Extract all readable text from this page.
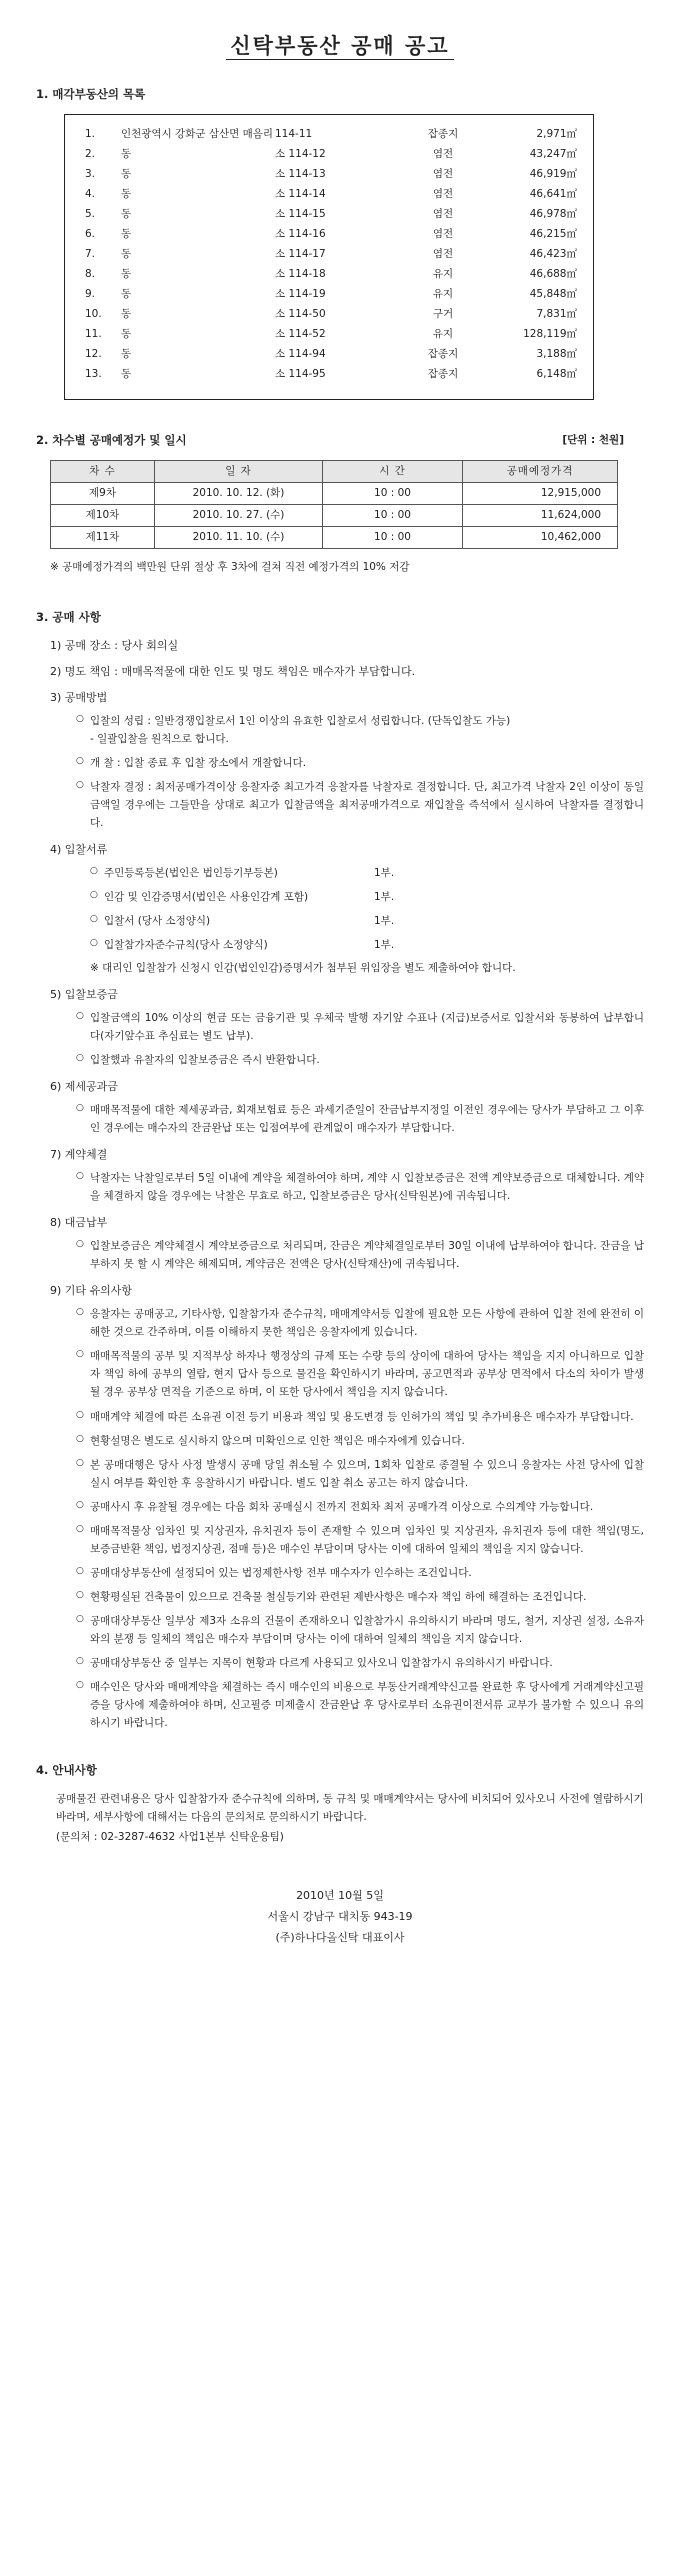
신탁부동산 공매 공고
1. 매각부동산의 목록
1.	인천광역시 강화군 삼산면 매음리 114-11	잡종지	2,971㎡
2.	동	소 114-12	염전	43,247㎡
3.	동	소 114-13	염전	46,919㎡
4.	동	소 114-14	염전	46,641㎡
5.	동	소 114-15	염전	46,978㎡
6.	동	소 114-16	염전	46,215㎡
7.	동	소 114-17	염전	46,423㎡
8.	동	소 114-18	유지	46,688㎡
9.	동	소 114-19	유지	45,848㎡
10.	동	소 114-50	구거	7,831㎡
11.	동	소 114-52	유지	128,119㎡
12.	동	소 114-94	잡종지	3,188㎡
13.	동	소 114-95	잡종지	6,148㎡
2. 차수별 공매예정가 및 일시	[단위 : 천원]
차 수	일 자	시 간	공매예정가격
제9차	2010. 10. 12. (화)	10 : 00	12,915,000
제10차	2010. 10. 27. (수)	10 : 00	11,624,000
제11차	2010. 11. 10. (수)	10 : 00	10,462,000
※ 공매예정가격의 백만원 단위 절상 후 3차에 걸쳐 직전 예정가격의 10% 저감
3. 공매 사항
1) 공매 장소 : 당사 회의실
2) 명도 책임 : 매매목적물에 대한 인도 및 명도 책임은 매수자가 부담합니다.
3) 공매방법
○ 입찰의 성립 : 일반경쟁입찰로서 1인 이상의 유효한 입찰로서 성립합니다. (단독입찰도 가능)
- 일괄입찰을 원칙으로 합니다.
○ 개 찰 : 입찰 종료 후 입찰 장소에서 개찰합니다.
○ 낙찰자 결정 : 최저공매가격이상 응찰자중 최고가격 응찰자를 낙찰자로 결정합니다. 단, 최고가격 낙찰자 2인 이상이 동일금액일 경우에는 그들만을 상대로 최고가 입찰금액을 최저공매가격으로 재입찰을 즉석에서 실시하여 낙찰자를 결정합니다.
4) 입찰서류
○ 주민등록등본(법인은 법인등기부등본)	1부.
○ 인감 및 인감증명서(법인은 사용인감계 포함)	1부.
○ 입찰서 (당사 소정양식)	1부.
○ 입찰참가자준수규칙(당사 소정양식)	1부.
※ 대리인 입찰참가 신청시 인감(법인인감)증명서가 첨부된 위임장을 별도 제출하여야 합니다.
5) 입찰보증금
○ 입찰금액의 10% 이상의 현금 또는 금융기관 및 우체국 발행 자기앞 수표나 (지급)보증서로 입찰서와 동봉하여 납부합니다(자기앞수표 추심료는 별도 납부).
○ 입찰했과 유찰자의 입찰보증금은 즉시 반환합니다.
6) 제세공과금
○ 매매목적물에 대한 제세공과금, 회재보험료 등은 과세기준일이 잔금납부지정일 이전인 경우에는 당사가 부담하고 그 이후인 경우에는 매수자의 잔금완납 또는 입점여부에 관계없이 매수자가 부담합니다.
7) 계약체결
○ 낙찰자는 낙찰일로부터 5일 이내에 계약을 체결하여야 하며, 계약 시 입찰보증금은 전액 계약보증금으로 대체합니다. 계약을 체결하지 않을 경우에는 낙찰은 무효로 하고, 입찰보증금은 당사(신탁원본)에 귀속됩니다.
8) 대금납부
○ 입찰보증금은 계약체결시 계약보증금으로 처리되며, 잔금은 계약체결일로부터 30일 이내에 납부하여야 합니다. 잔금을 납부하지 못 할 시 계약은 해제되며, 계약금은 전액은 당사(신탁재산)에 귀속됩니다.
9) 기타 유의사항
○ 응찰자는 공매공고, 기타사항, 입찰참가자 준수규칙, 매매계약서등 입찰에 필요한 모든 사항에 관하여 입찰 전에 완전히 이해한 것으로 간주하며, 이를 이해하지 못한 책임은 응찰자에게 있습니다.
○ 매매목적물의 공부 및 지적부상 하자나 행정상의 규제 또는 수량 등의 상이에 대하여 당사는 책임을 지지 아니하므로 입찰자 책임 하에 공부의 열람, 현지 답사 등으로 물건을 확인하시기 바라며, 공고면적과 공부상 면적에서 다소의 차이가 발생될 경우 공부상 면적을 기준으로 하며, 이 또한 당사에서 책임을 지지 않습니다.
○ 매매계약 체결에 따른 소유권 이전 등기 비용과 책임 및 용도변경 등 인허가의 책임 및 추가비용은 매수자가 부담합니다.
○ 현황설명은 별도로 실시하지 않으며 미확인으로 인한 책임은 매수자에게 있습니다.
○ 본 공매대행은 당사 사정 발생시 공매 당일 취소될 수 있으며, 1회차 입찰로 종결될 수 있으니 응찰자는 사전 당사에 입찰 실시 여부를 확인한 후 응찰하시기 바랍니다. 별도 입찰 취소 공고는 하지 않습니다.
○ 공매사시 후 유찰될 경우에는 다음 회차 공매실시 전까지 전회차 최저 공매가격 이상으로 수의계약 가능합니다.
○ 매매목적물상 임차인 및 지상권자, 유치권자 등이 존재할 수 있으며 임차인 및 지상권자, 유치권자 등에 대한 책임(명도, 보증금반환 책임, 법정지상권, 점매 등)은 매수인 부담이며 당사는 이에 대하여 일체의 책임을 지지 않습니다.
○ 공매대상부동산에 설정되어 있는 법정제한사항 전부 매수자가 인수하는 조건입니다.
○ 현황평실된 건축물이 있으므로 건축물 철실등기와 관련된 제반사항은 매수자 책임 하에 해결하는 조건입니다.
○ 공매대상부동산 일부상 제3자 소유의 건물이 존재하오니 입찰참가시 유의하시기 바라며 명도, 철거, 지상권 설정, 소유자와의 분쟁 등 일체의 책임은 매수자 부담이며 당사는 이에 대하여 일체의 책임을 지지 않습니다.
○ 공매대상부동산 중 일부는 지목이 현황과 다르게 사용되고 있사오니 입찰참가시 유의하시기 바랍니다.
○ 매수인은 당사와 매매계약을 체결하는 즉시 매수인의 비용으로 부동산거래계약신고를 완료한 후 당사에게 거래계약신고필증을 당사에 제출하여야 하며, 신고필증 미제출시 잔금완납 후 당사로부터 소유권이전서류 교부가 불가할 수 있으니 유의하시기 바랍니다.
4. 안내사항
공매물건 관련내용은 당사 입찰참가자 준수규칙에 의하며, 동 규칙 및 매매계약서는 당사에 비치되어 있사오니 사전에 열람하시기 바라며, 세부사항에 대해서는 다음의 문의처로 문의하시기 바랍니다.
(문의처 : 02-3287-4632 사업1본부 신탁운용팀)
2010년 10월 5일
서울시 강남구 대치동 943-19
(주)하나다올신탁 대표이사
